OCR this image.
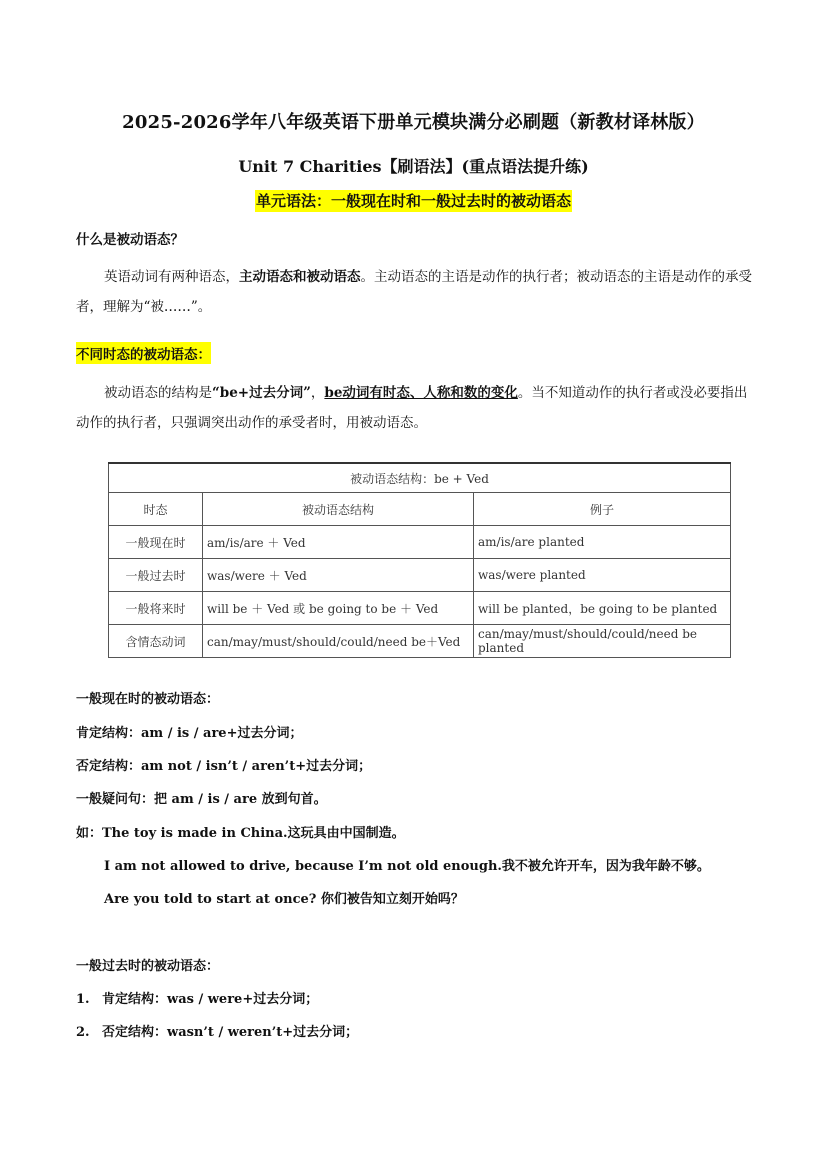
2025-2026学年八年级英语下册单元模块满分必刷题（新教材译林版）
Unit 7 Charities【刷语法】(重点语法提升练)
单元语法：一般现在时和一般过去时的被动语态
什么是被动语态？
英语动词有两种语态，主动语态和被动语态。主动语态的主语是动作的执行者；被动语态的主语是动作的承受者，理解为“被……”。
不同时态的被动语态：
被动语态的结构是“be+过去分词”，be动词有时态、人称和数的变化。当不知道动作的执行者或没必要指出动作的执行者，只强调突出动作的承受者时，用被动语态。
被动语态结构：be + Ved		
时态	被动语态结构	例子
一般现在时	am/is/are ＋ Ved	am/is/are planted
一般过去时	was/were ＋ Ved	was/were planted
一般将来时	will be ＋ Ved 或 be going to be ＋ Ved	will be planted，be going to be planted
含情态动词	can/may/must/should/could/need be＋Ved	can/may/must/should/could/need be planted
一般现在时的被动语态：
肯定结构：am / is / are+过去分词；
否定结构：am not / isn’t / aren’t+过去分词；
一般疑问句：把 am / is / are 放到句首。
如：The toy is made in China.这玩具由中国制造。
I am not allowed to drive, because I’m not old enough.我不被允许开车，因为我年龄不够。
Are you told to start at once? 你们被告知立刻开始吗？
一般过去时的被动语态：
1. 肯定结构：was / were+过去分词；
2. 否定结构：wasn’t / weren’t+过去分词；
